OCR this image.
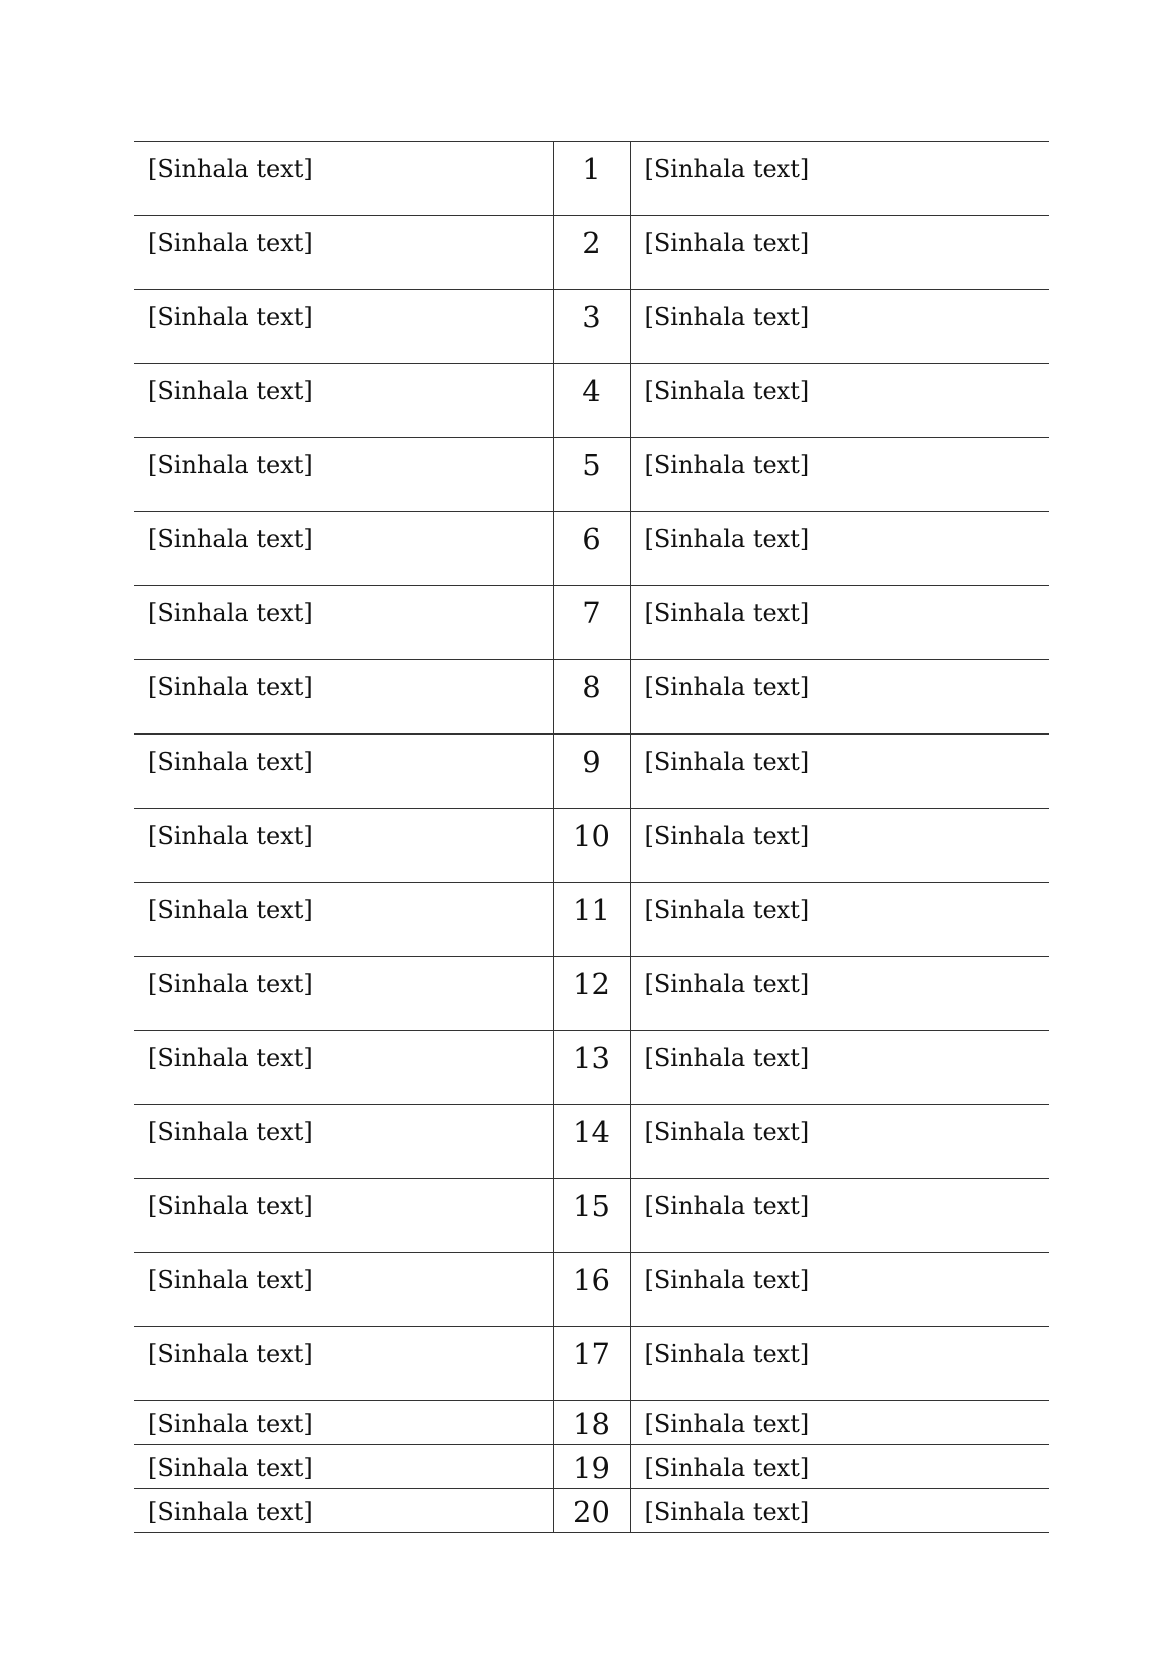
[Sinhala text]	1	[Sinhala text]
[Sinhala text]	2	[Sinhala text]
[Sinhala text]	3	[Sinhala text]
[Sinhala text]	4	[Sinhala text]
[Sinhala text]	5	[Sinhala text]
[Sinhala text]	6	[Sinhala text]
[Sinhala text]	7	[Sinhala text]
[Sinhala text]	8	[Sinhala text]
[Sinhala text]	9	[Sinhala text]
[Sinhala text]	10	[Sinhala text]
[Sinhala text]	11	[Sinhala text]
[Sinhala text]	12	[Sinhala text]
[Sinhala text]	13	[Sinhala text]
[Sinhala text]	14	[Sinhala text]
[Sinhala text]	15	[Sinhala text]
[Sinhala text]	16	[Sinhala text]
[Sinhala text]	17	[Sinhala text]
[Sinhala text]	18	[Sinhala text]
[Sinhala text]	19	[Sinhala text]
[Sinhala text]	20	[Sinhala text]
